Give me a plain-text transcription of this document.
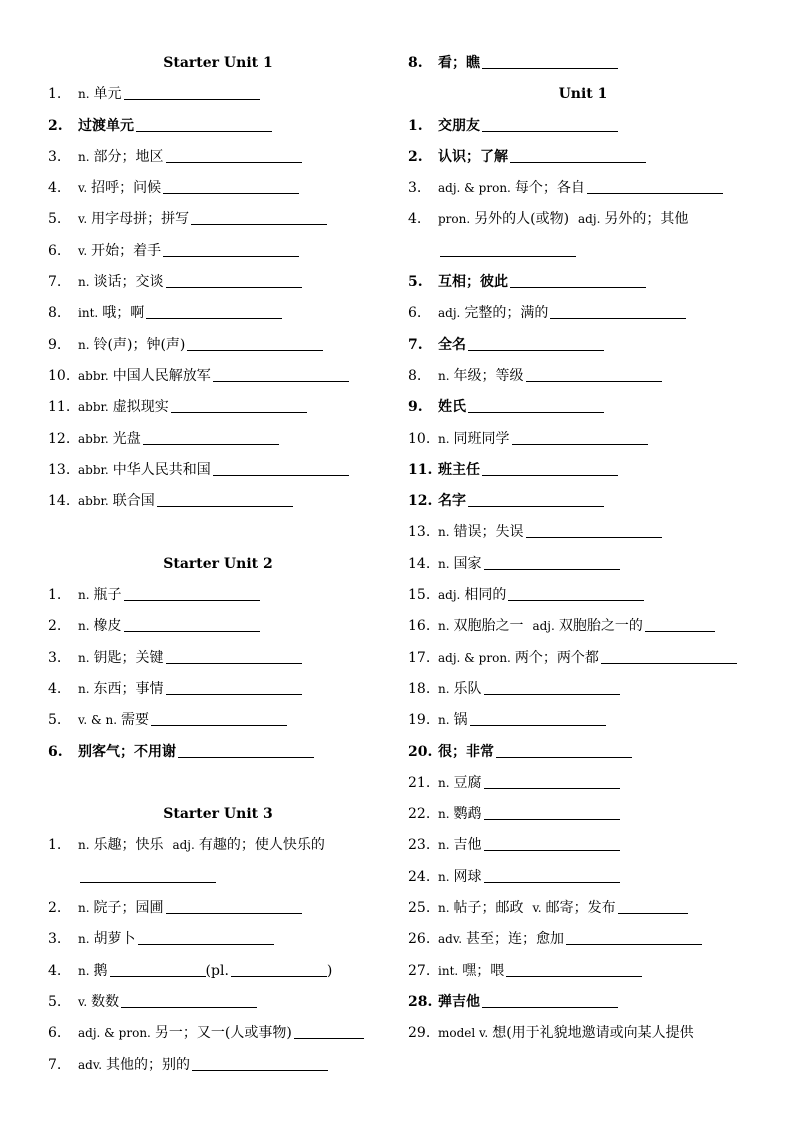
Starter Unit 1
1. n. 单元
2. 过渡单元
3. n. 部分；地区
4. v. 招呼；问候
5. v. 用字母拼；拼写
6. v. 开始；着手
7. n. 谈话；交谈
8. int. 哦；啊
9. n. 铃(声)；钟(声)
10. abbr. 中国人民解放军
11. abbr. 虚拟现实
12. abbr. 光盘
13. abbr. 中华人民共和国
14. abbr. 联合国
Starter Unit 2
1. n. 瓶子
2. n. 橡皮
3. n. 钥匙；关键
4. n. 东西；事情
5. v. & n. 需要
6. 别客气；不用谢
Starter Unit 3
1. n. 乐趣；快乐 adj. 有趣的；使人快乐的
2. n. 院子；园圃
3. n. 胡萝卜
4. n. 鹅	(pl.	)
5. v. 数数
6. adj. & pron. 另一；又一(人或事物)
7. adv. 其他的；别的
8. 看；瞧
Unit 1
1. 交朋友
2. 认识；了解
3. adj. & pron. 每个；各自
4. pron. 另外的人(或物) adj. 另外的；其他
5. 互相；彼此
6. adj. 完整的；满的
7. 全名
8. n. 年级；等级
9. 姓氏
10. n. 同班同学
11. 班主任
12. 名字
13. n. 错误；失误
14. n. 国家
15. adj. 相同的
16. n. 双胞胎之一 adj. 双胞胎之一的
17. adj. & pron. 两个；两个都
18. n. 乐队
19. n. 锅
20. 很；非常
21. n. 豆腐
22. n. 鹦鹉
23. n. 吉他
24. n. 网球
25. n. 帖子；邮政 v. 邮寄；发布
26. adv. 甚至；连；愈加
27. int. 嘿；喂
28. 弹吉他
29. model v. 想(用于礼貌地邀请或向某人提供
